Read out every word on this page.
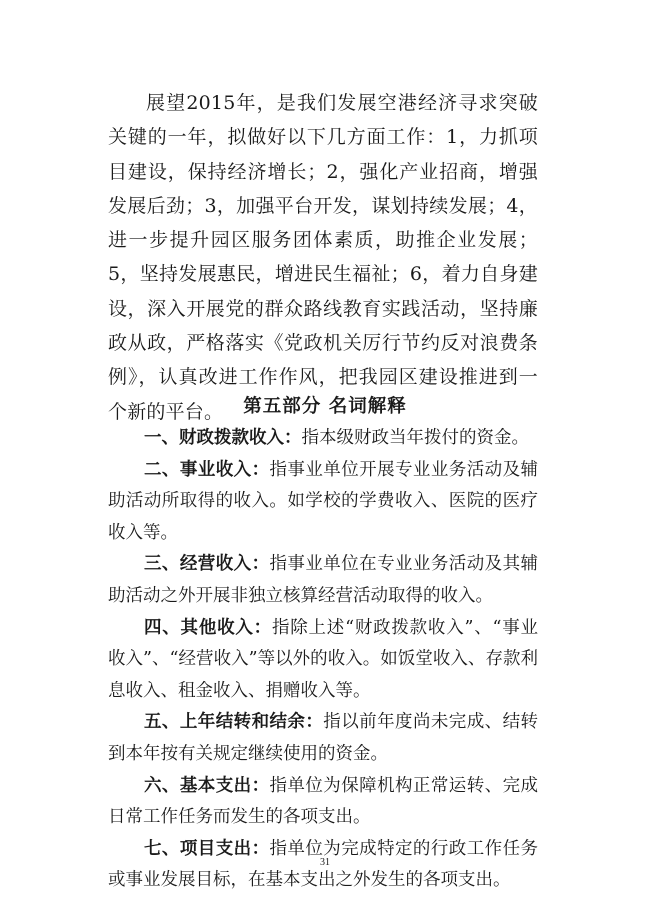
展望2015年，是我们发展空港经济寻求突破关键的一年，拟做好以下几方面工作：1，力抓项目建设，保持经济增长；2，强化产业招商，增强发展后劲；3，加强平台开发，谋划持续发展；4，进一步提升园区服务团体素质，助推企业发展；5，坚持发展惠民，增进民生福祉；6，着力自身建设，深入开展党的群众路线教育实践活动，坚持廉政从政，严格落实《党政机关厉行节约反对浪费条例》，认真改进工作作风，把我园区建设推进到一个新的平台。	第五部分 名词解释

一、财政拨款收入：指本级财政当年拨付的资金。

二、事业收入：指事业单位开展专业业务活动及辅助活动所取得的收入。如学校的学费收入、医院的医疗收入等。

三、经营收入：指事业单位在专业业务活动及其辅助活动之外开展非独立核算经营活动取得的收入。

四、其他收入：指除上述“财政拨款收入”、“事业收入”、“经营收入”等以外的收入。如饭堂收入、存款利息收入、租金收入、捐赠收入等。

五、上年结转和结余：指以前年度尚未完成、结转到本年按有关规定继续使用的资金。

六、基本支出：指单位为保障机构正常运转、完成日常工作任务而发生的各项支出。

七、项目支出：指单位为完成特定的行政工作任务或事业发展目标，在基本支出之外发生的各项支出。

31
